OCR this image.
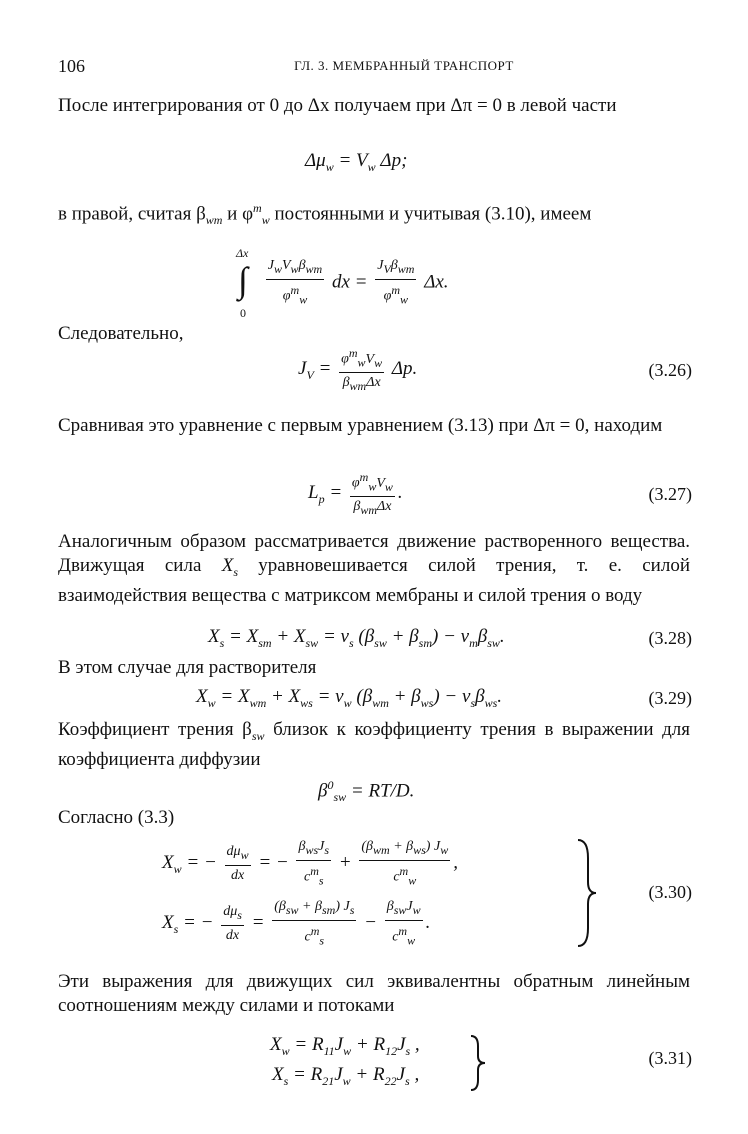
106	ГЛ. 3. МЕМБРАННЫЙ ТРАНСПОРТ
После интегрирования от 0 до Δx получаем при Δπ = 0 в левой части
$\Delta\mu_w = V_w$ Δp;
в правой, считая $\beta_{wm}$ и $\varphi^m_w$ постоянными и учитывая (3.10), имеем
Δx
∫
0

$\frac{J_wV_w\beta_{wm}}{\varphi^m_w}$ dx = $\frac{J_V\beta_{wm}}{\varphi^m_w} \Delta x$.
Следовательно,
$J_V = \frac{\varphi^m_wV_w}{\beta_{wm}\Delta x} \Delta p$.	(3.26)
Сравнивая это уравнение с первым уравнением (3.13) при Δπ = 0, находим
$L_p = \frac{\varphi^m_wV_w}{\beta_{wm}\Delta x}$ .	(3.27)
Аналогичным образом рассматривается движение растворенного вещества. Движущая сила $X_s$ уравновешивается силой трения, т. е. силой взаимодействия вещества с матриксом мембраны и силой трения о воду
$X_s = X_{sm} + X_{sw} = v_s$ $(\beta_{sw} + \beta_{sm}) - v_m\beta_{sw}$.	(3.28)
В этом случае для растворителя
$X_w = X_{wm} + X_{ws} = v_w$ $(\beta_{wm} + \beta_{ws}) - v_s\beta_{ws}$.	(3.29)
Коэффициент трения $\beta_{sw}$ близок к коэффициенту трения в выражении для коэффициента диффузии
$\beta^0_{sw} = RT/D$.
Согласно (3.3)
$X_w$ = − $\frac{d\mu_w}{dx}$ = − $\frac{\beta_{ws}J_s}{c^m_s} + \frac{(\beta_{wm} + \beta_{ws}) J_w}{c^m_w}$ ,
$X_s$ = − $\frac{d\mu_s}{dx} = \frac{(\beta_{sw} + \beta_{sm}) J_s}{c^m_s} - \frac{\beta_{sw}J_w}{c^m_w}$ .
(3.30)
Эти выражения для движущих сил эквивалентны обратным линейным соотношениям между силами и потоками
$X_w = R_{11}J_w + R_{12}J_s$ ,
$X_s = R_{21}J_w + R_{22}J_s$ ,
(3.31)
